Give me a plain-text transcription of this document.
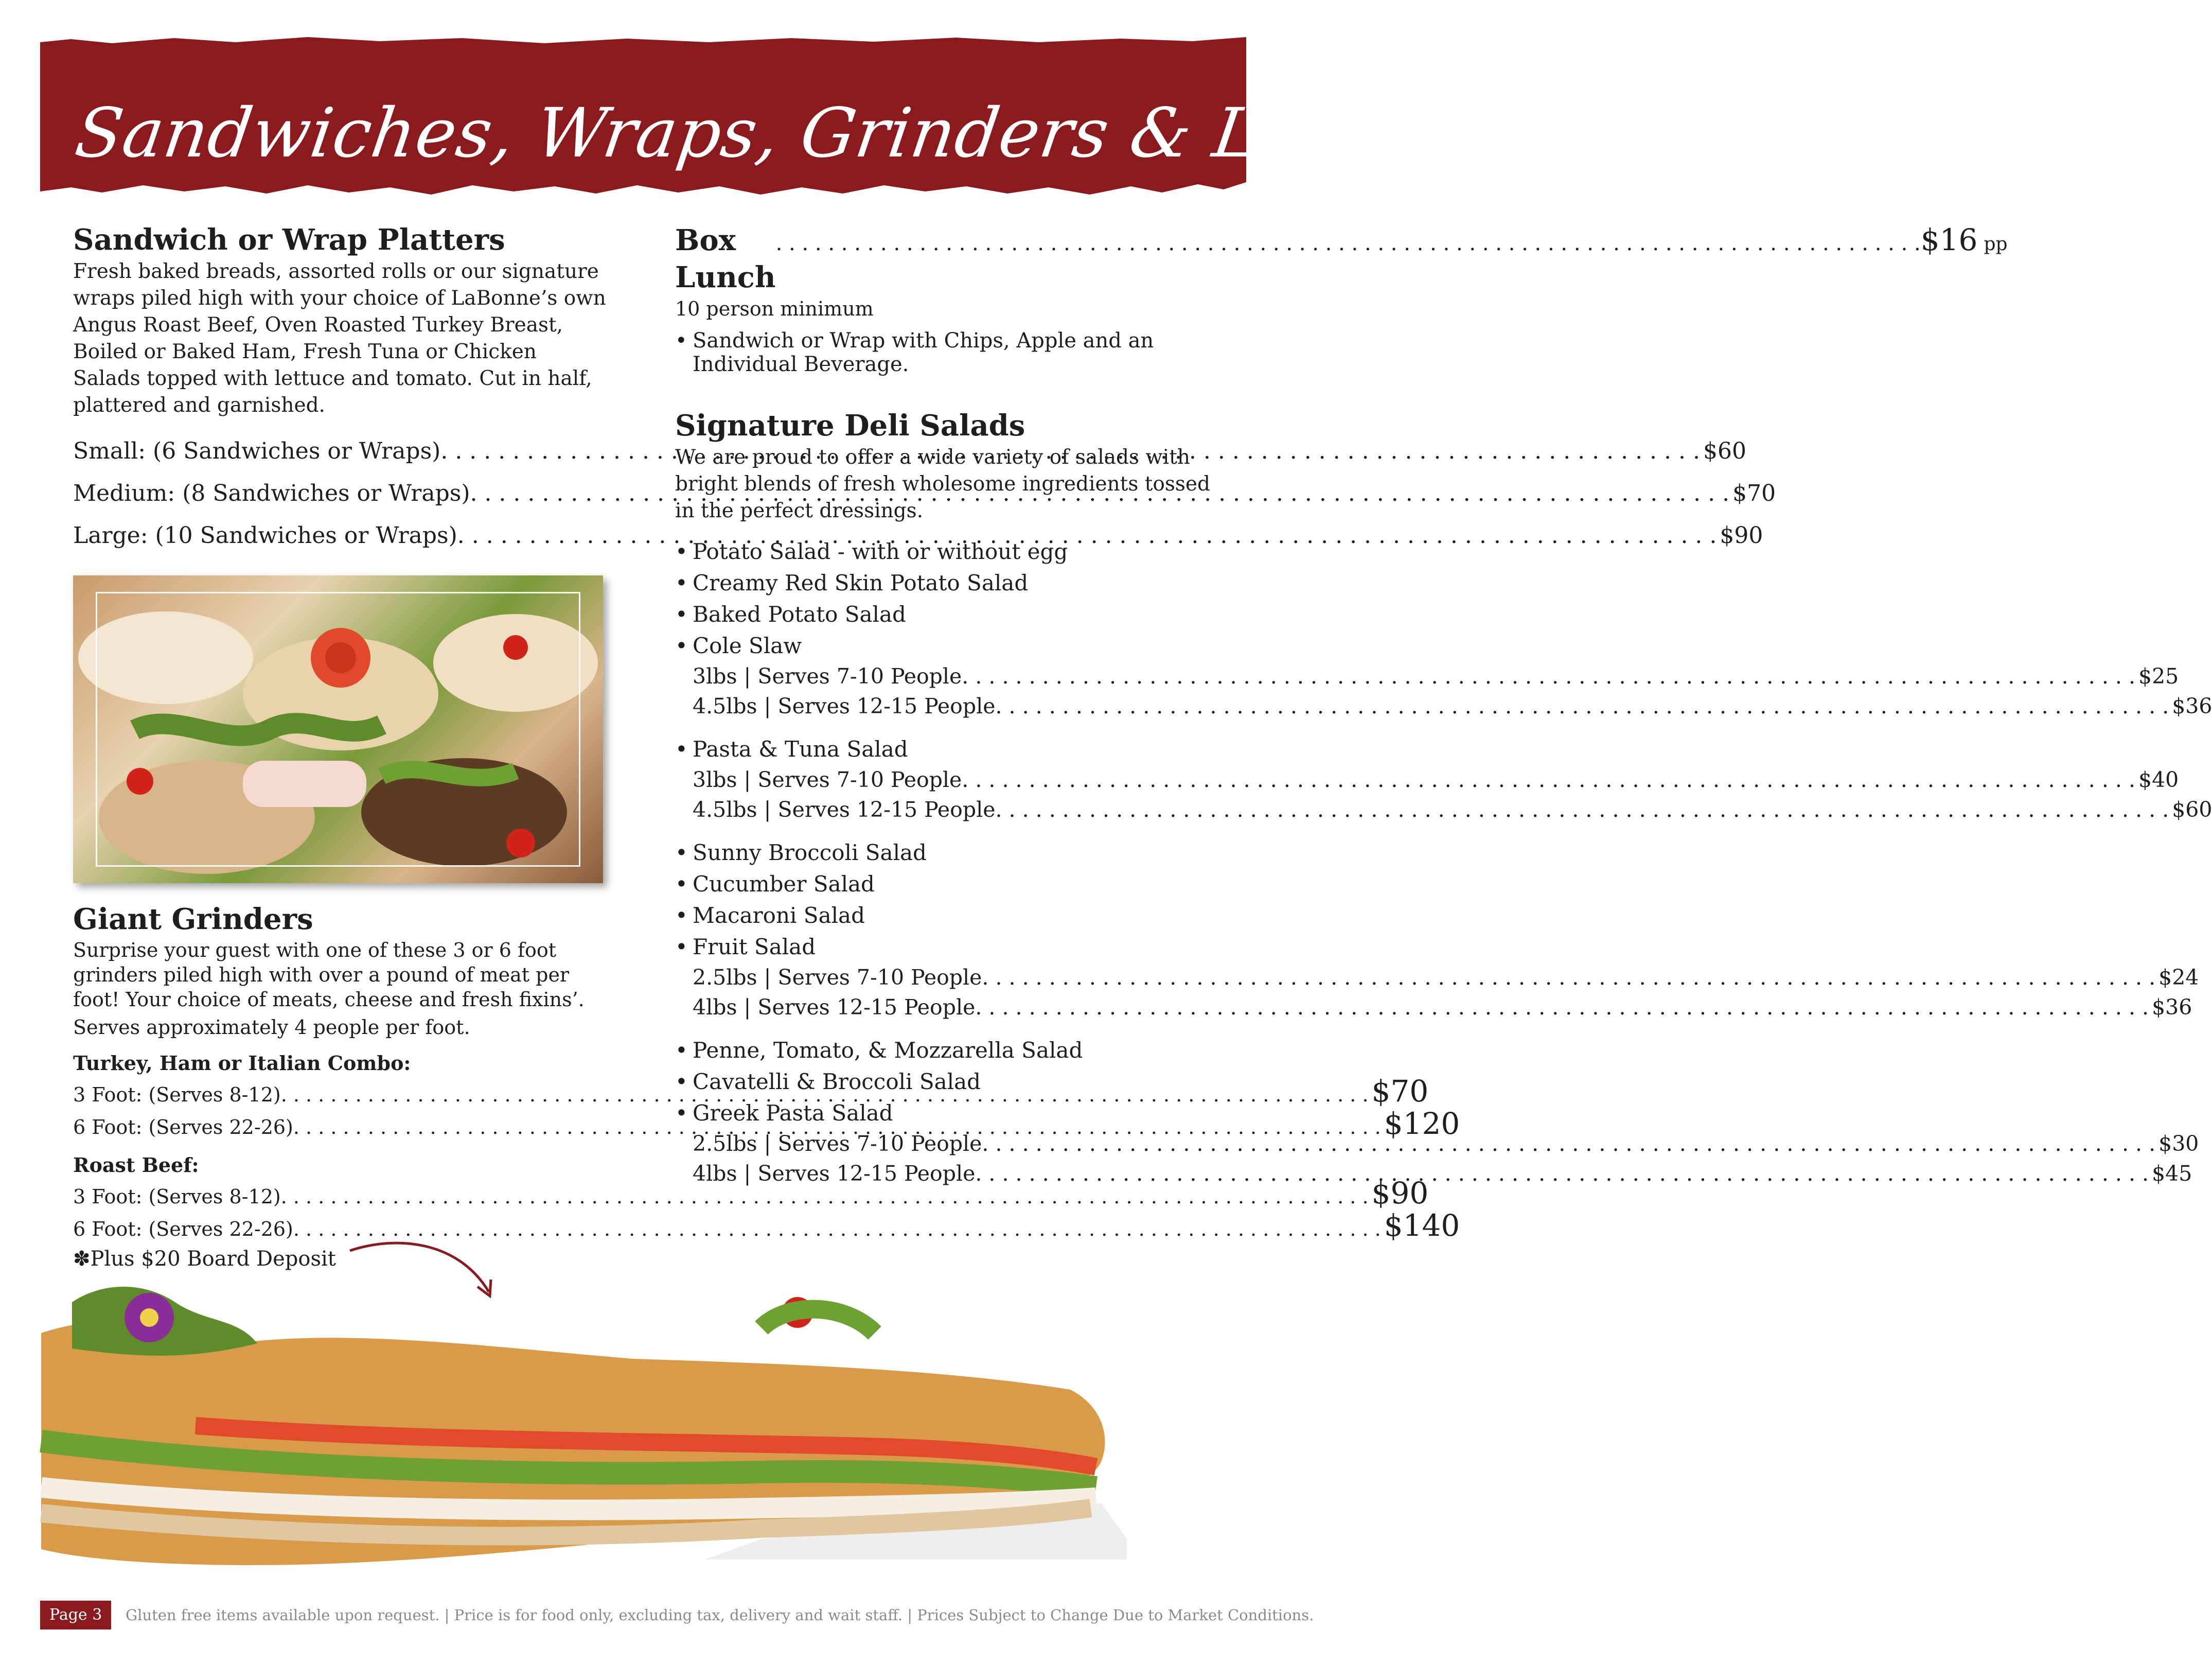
Sandwiches, Wraps, Grinders & Lunches
Sandwich or Wrap Platters

Fresh baked breads, assorted rolls or our signature wraps piled high with your choice of LaBonne’s own Angus Roast Beef, Oven Roasted Turkey Breast, Boiled or Baked Ham, Fresh Tuna or Chicken Salads topped with lettuce and tomato. Cut in half, plattered and garnished.

Small: (6 Sandwiches or Wraps) . . .	$60
Medium: (8 Sandwiches or Wraps) . . .	$70
Large: (10 Sandwiches or Wraps) . . .	$90
Giant Grinders

Surprise your guest with one of these 3 or 6 foot grinders piled high with over a pound of meat per foot! Your choice of meats, cheese and fresh fixins’.

Serves approximately 4 people per foot.

Turkey, Ham or Italian Combo:
3 Foot: (Serves 8-12) . . .	$70
6 Foot: (Serves 22-26) . . .	$120
Roast Beef:
3 Foot: (Serves 8-12) . . .	$90
6 Foot: (Serves 22-26) . . .	$140
✽Plus $20 Board Deposit
Box Lunch
. . .
$16 pp
10 person minimum
• Sandwich or Wrap with Chips, Apple and an Individual Beverage.
Signature Deli Salads

We are proud to offer a wide variety of salads with bright blends of fresh wholesome ingredients tossed in the perfect dressings.

• Potato Salad - with or without egg
• Creamy Red Skin Potato Salad
• Baked Potato Salad
• Cole Slaw
3lbs | Serves 7-10 People . . .	$25
4.5lbs | Serves 12-15 People . . .	$36
• Pasta & Tuna Salad
3lbs | Serves 7-10 People . . .	$40
4.5lbs | Serves 12-15 People . . .	$60
• Sunny Broccoli Salad
• Cucumber Salad
• Macaroni Salad
• Fruit Salad
2.5lbs | Serves 7-10 People . . .	$24
4lbs | Serves 12-15 People . . .	$36
• Penne, Tomato, & Mozzarella Salad
• Cavatelli & Broccoli Salad
• Greek Pasta Salad
2.5lbs | Serves 7-10 People . . .	$30
4lbs | Serves 12-15 People . . .	$45
Page 3	Gluten free items available upon request. | Price is for food only, excluding tax, delivery and wait staff. | Prices Subject to Change Due to Market Conditions.
